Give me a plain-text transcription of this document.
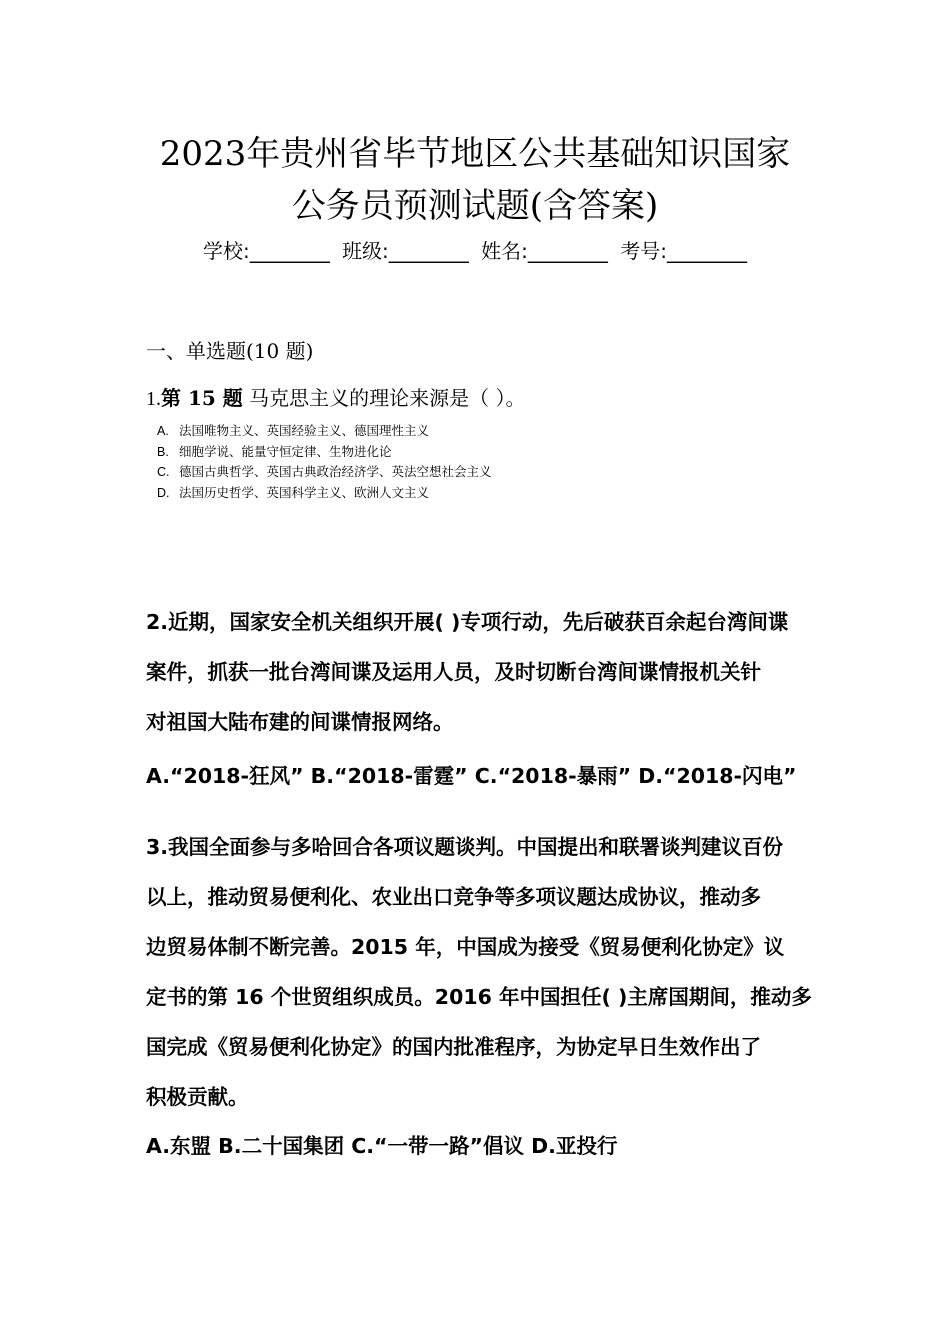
2023年贵州省毕节地区公共基础知识国家
公务员预测试题(含答案)
学校:________ 班级:________ 姓名:________ 考号:________
一、单选题(10 题)
1.第 15 题 马克思主义的理论来源是（ ）。
A. 法国唯物主义、英国经验主义、德国理性主义
B. 细胞学说、能量守恒定律、生物进化论
C. 德国古典哲学、英国古典政治经济学、英法空想社会主义
D. 法国历史哲学、英国科学主义、欧洲人文主义
2.近期，国家安全机关组织开展( )专项行动，先后破获百余起台湾间谍
案件，抓获一批台湾间谍及运用人员，及时切断台湾间谍情报机关针
对祖国大陆布建的间谍情报网络。
A.“2018-狂风” B.“2018-雷霆” C.“2018-暴雨” D.“2018-闪电”
3.我国全面参与多哈回合各项议题谈判。中国提出和联署谈判建议百份
以上，推动贸易便利化、农业出口竞争等多项议题达成协议，推动多
边贸易体制不断完善。2015 年，中国成为接受《贸易便利化协定》议
定书的第 16 个世贸组织成员。2016 年中国担任( )主席国期间，推动多
国完成《贸易便利化协定》的国内批准程序，为协定早日生效作出了
积极贡献。
A.东盟 B.二十国集团 C.“一带一路”倡议 D.亚投行
